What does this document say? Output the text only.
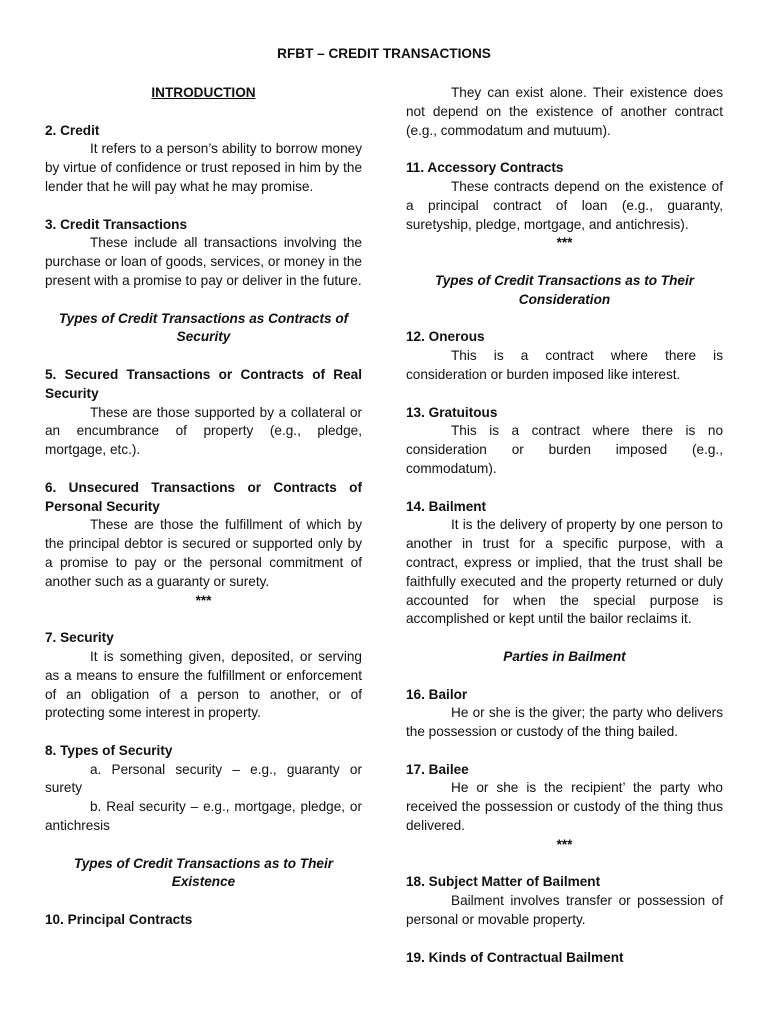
RFBT – CREDIT TRANSACTIONS
INTRODUCTION
2. Credit

It refers to a person’s ability to borrow money by virtue of confidence or trust reposed in him by the lender that he will pay what he may promise.

3. Credit Transactions

These include all transactions involving the purchase or loan of goods, services, or money in the present with a promise to pay or deliver in the future.

Types of Credit Transactions as Contracts of Security
5. Secured Transactions or Contracts of Real Security

These are those supported by a collateral or an encumbrance of property (e.g., pledge, mortgage, etc.).

6. Unsecured Transactions or Contracts of Personal Security

These are those the fulfillment of which by the principal debtor is secured or supported only by a promise to pay or the personal commitment of another such as a guaranty or surety.

***
7. Security

It is something given, deposited, or serving as a means to ensure the fulfillment or enforcement of an obligation of a person to another, or of protecting some interest in property.

8. Types of Security

a. Personal security – e.g., guaranty or surety

b. Real security – e.g., mortgage, pledge, or antichresis

Types of Credit Transactions as to Their Existence
10. Principal Contracts

They can exist alone. Their existence does not depend on the existence of another contract (e.g., commodatum and mutuum).

11. Accessory Contracts

These contracts depend on the existence of a principal contract of loan (e.g., guaranty, suretyship, pledge, mortgage, and antichresis).

***
Types of Credit Transactions as to Their Consideration
12. Onerous

This is a contract where there is consideration or burden imposed like interest.

13. Gratuitous

This is a contract where there is no consideration or burden imposed (e.g., commodatum).

14. Bailment

It is the delivery of property by one person to another in trust for a specific purpose, with a contract, express or implied, that the trust shall be faithfully executed and the property returned or duly accounted for when the special purpose is accomplished or kept until the bailor reclaims it.

Parties in Bailment
16. Bailor

He or she is the giver; the party who delivers the possession or custody of the thing bailed.

17. Bailee

He or she is the recipient’ the party who received the possession or custody of the thing thus delivered.

***
18. Subject Matter of Bailment

Bailment involves transfer or possession of personal or movable property.

19. Kinds of Contractual Bailment
